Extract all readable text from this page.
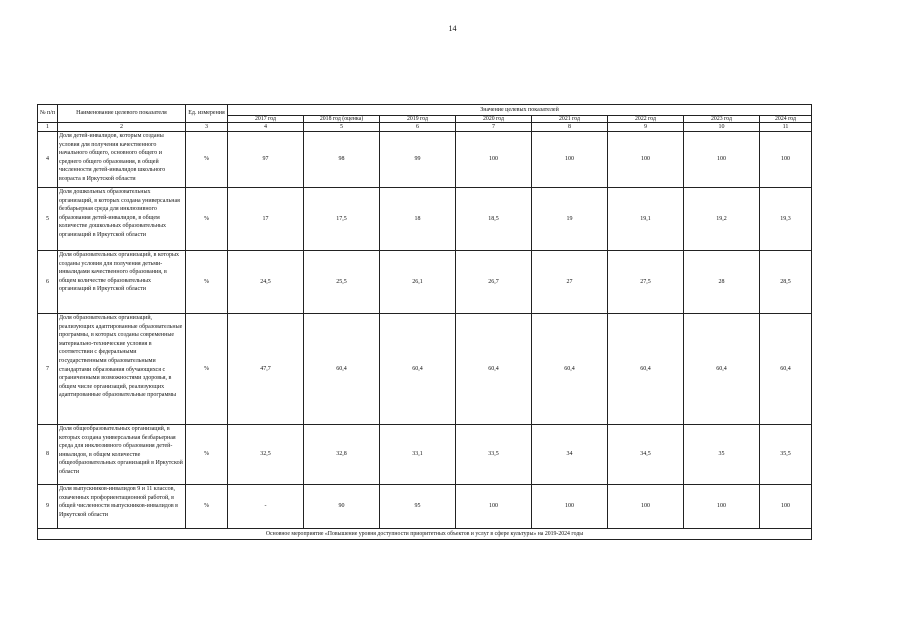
14
№ п/п	Наименование целевого показателя	Ед. измерения	Значение целевых показателей							
			2017 год	2018 год (оценка)	2019 год	2020 год	2021 год	2022 год	2023 год	2024 год
1	2	3	4	5	6	7	8	9	10	11
4	Доля детей-инвалидов, которым созданы условия для получения качественного начального общего, основного общего и среднего общего образования, в общей численности детей-инвалидов школьного возраста в Иркутской области	%	97	98	99	100	100	100	100	100
5	Доля дошкольных образовательных организаций, в которых создана универсальная безбарьерная среда для инклюзивного образования детей-инвалидов, в общем количестве дошкольных образовательных организаций в Иркутской области	%	17	17,5	18	18,5	19	19,1	19,2	19,3
6	Доля образовательных организаций, в которых созданы условия для получения детьми-инвалидами качественного образования, в общем количестве образовательных организаций в Иркутской области	%	24,5	25,5	26,1	26,7	27	27,5	28	28,5
7	Доля образовательных организаций, реализующих адаптированные образовательные программы, в которых созданы современные материально-технические условия в соответствии с федеральными государственными образовательными стандартами образования обучающихся с ограниченными возможностями здоровья, в общем числе организаций, реализующих адаптированные образовательные программы	%	47,7	60,4	60,4	60,4	60,4	60,4	60,4	60,4
8	Доля общеобразовательных организаций, в которых создана универсальная безбарьерная среда для инклюзивного образования детей-инвалидов, в общем количестве общеобразовательных организаций в Иркутской области	%	32,5	32,8	33,1	33,5	34	34,5	35	35,5
9	Доля выпускников-инвалидов 9 и 11 классов, охваченных профориентационной работой, в общей численности выпускников-инвалидов в Иркутской области	%	-	90	95	100	100	100	100	100
Основное мероприятие «Повышение уровня доступности приоритетных объектов и услуг в сфере культуры» на 2019-2024 годы										
